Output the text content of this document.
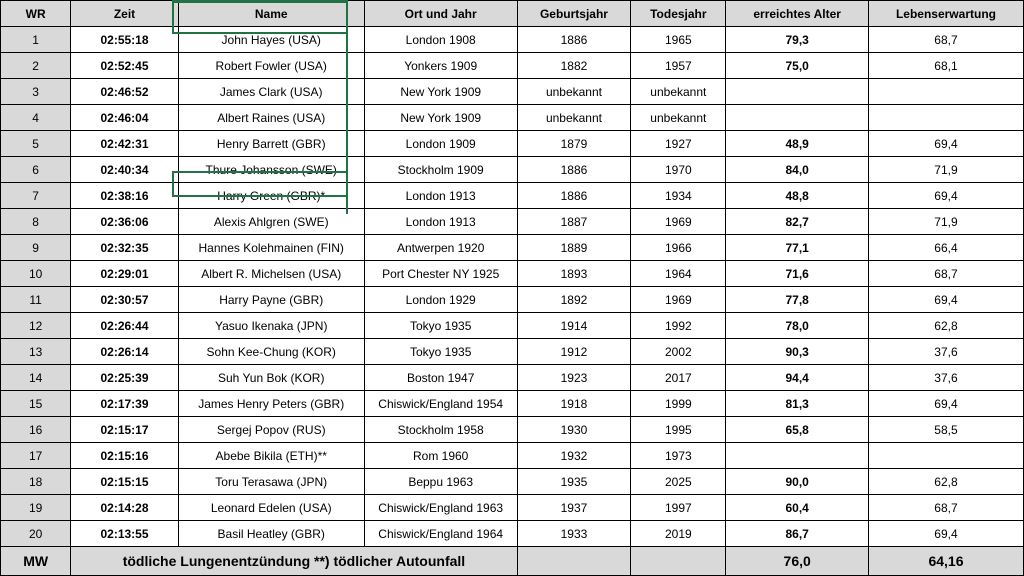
WR	Zeit	Name	Ort und Jahr	Geburtsjahr	Todesjahr	erreichtes Alter	Lebenserwartung
1	02:55:18	John Hayes (USA)	London 1908	1886	1965	79,3	68,7
2	02:52:45	Robert Fowler (USA)	Yonkers 1909	1882	1957	75,0	68,1
3	02:46:52	James Clark (USA)	New York 1909	unbekannt	unbekannt		
4	02:46:04	Albert Raines (USA)	New York 1909	unbekannt	unbekannt		
5	02:42:31	Henry Barrett (GBR)	London 1909	1879	1927	48,9	69,4
6	02:40:34	Thure Johansson (SWE)	Stockholm 1909	1886	1970	84,0	71,9
7	02:38:16	Harry Green (GBR)*	London 1913	1886	1934	48,8	69,4
8	02:36:06	Alexis Ahlgren (SWE)	London 1913	1887	1969	82,7	71,9
9	02:32:35	Hannes Kolehmainen (FIN)	Antwerpen 1920	1889	1966	77,1	66,4
10	02:29:01	Albert R. Michelsen (USA)	Port Chester NY 1925	1893	1964	71,6	68,7
11	02:30:57	Harry Payne (GBR)	London 1929	1892	1969	77,8	69,4
12	02:26:44	Yasuo Ikenaka (JPN)	Tokyo 1935	1914	1992	78,0	62,8
13	02:26:14	Sohn Kee-Chung (KOR)	Tokyo 1935	1912	2002	90,3	37,6
14	02:25:39	Suh Yun Bok (KOR)	Boston 1947	1923	2017	94,4	37,6
15	02:17:39	James Henry Peters (GBR)	Chiswick/England 1954	1918	1999	81,3	69,4
16	02:15:17	Sergej Popov (RUS)	Stockholm 1958	1930	1995	65,8	58,5
17	02:15:16	Abebe Bikila (ETH)**	Rom 1960	1932	1973		
18	02:15:15	Toru Terasawa (JPN)	Beppu 1963	1935	2025	90,0	62,8
19	02:14:28	Leonard Edelen (USA)	Chiswick/England 1963	1937	1997	60,4	68,7
20	02:13:55	Basil Heatley (GBR)	Chiswick/England 1964	1933	2019	86,7	69,4
MW	tödliche Lungenentzündung **) tödlicher Autounfall					76,0	64,16
